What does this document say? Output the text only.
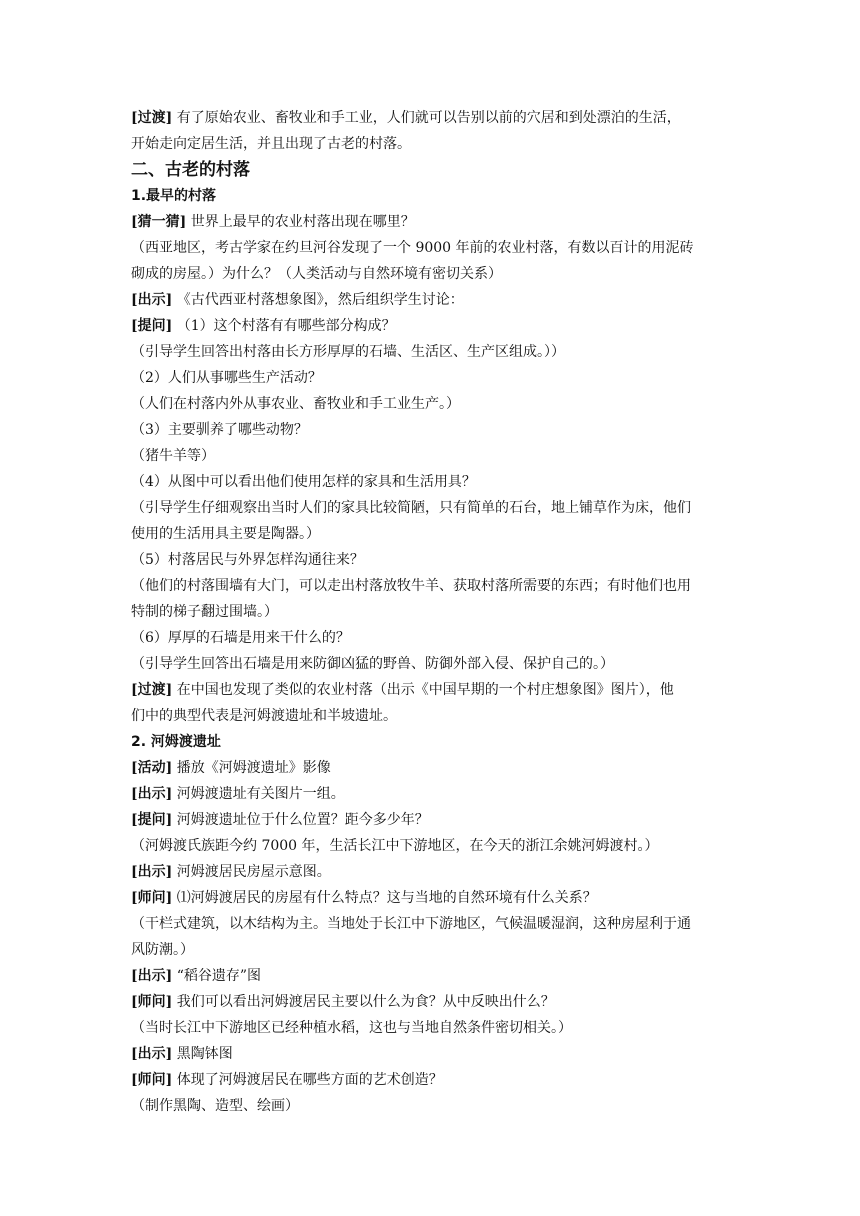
[过渡] 有了原始农业、畜牧业和手工业，人们就可以告别以前的穴居和到处漂泊的生活，
开始走向定居生活，并且出现了古老的村落。
二、古老的村落
1.最早的村落
[猜一猜] 世界上最早的农业村落出现在哪里？
（西亚地区，考古学家在约旦河谷发现了一个 9000 年前的农业村落，有数以百计的用泥砖
砌成的房屋。）为什么？（人类活动与自然环境有密切关系）
[出示] 《古代西亚村落想象图》，然后组织学生讨论：
[提问] （1）这个村落有有哪些部分构成？
（引导学生回答出村落由长方形厚厚的石墙、生活区、生产区组成。））
（2）人们从事哪些生产活动？
（人们在村落内外从事农业、畜牧业和手工业生产。）
（3）主要驯养了哪些动物？
（猪牛羊等）
（4）从图中可以看出他们使用怎样的家具和生活用具？
（引导学生仔细观察出当时人们的家具比较简陋，只有简单的石台，地上铺草作为床，他们
使用的生活用具主要是陶器。）
（5）村落居民与外界怎样沟通往来？
（他们的村落围墙有大门，可以走出村落放牧牛羊、获取村落所需要的东西；有时他们也用
特制的梯子翻过围墙。）
（6）厚厚的石墙是用来干什么的？
（引导学生回答出石墙是用来防御凶猛的野兽、防御外部入侵、保护自己的。）
[过渡] 在中国也发现了类似的农业村落（出示《中国早期的一个村庄想象图》图片），他
们中的典型代表是河姆渡遗址和半坡遗址。
2. 河姆渡遗址
[活动] 播放《河姆渡遗址》影像
[出示] 河姆渡遗址有关图片一组。
[提问] 河姆渡遗址位于什么位置？距今多少年？
（河姆渡氏族距今约 7000 年，生活长江中下游地区，在今天的浙江余姚河姆渡村。）
[出示] 河姆渡居民房屋示意图。
[师问] ⑴河姆渡居民的房屋有什么特点？这与当地的自然环境有什么关系？
（干栏式建筑，以木结构为主。当地处于长江中下游地区，气候温暖湿润，这种房屋利于通
风防潮。）
[出示] “稻谷遗存”图
[师问] 我们可以看出河姆渡居民主要以什么为食？从中反映出什么？
（当时长江中下游地区已经种植水稻，这也与当地自然条件密切相关。）
[出示] 黑陶钵图
[师问] 体现了河姆渡居民在哪些方面的艺术创造？
（制作黑陶、造型、绘画）
